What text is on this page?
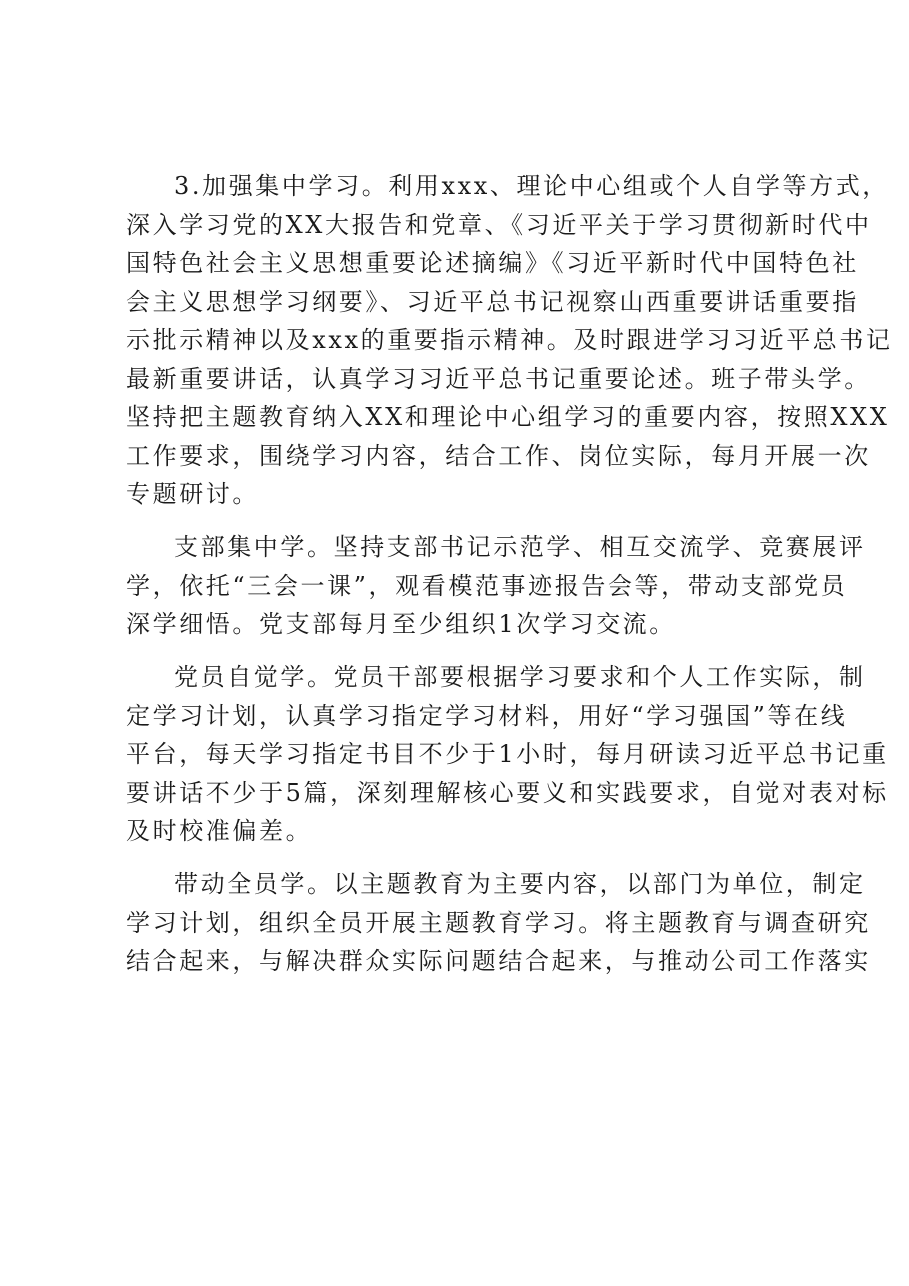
3.加强集中学习。利用xxx、理论中心组或个人自学等方式，
深入学习党的XX大报告和党章、《习近平关于学习贯彻新时代中
国特色社会主义思想重要论述摘编》《习近平新时代中国特色社
会主义思想学习纲要》、习近平总书记视察山西重要讲话重要指
示批示精神以及xxx的重要指示精神。及时跟进学习习近平总书记
最新重要讲话，认真学习习近平总书记重要论述。班子带头学。
坚持把主题教育纳入XX和理论中心组学习的重要内容，按照XXX
工作要求，围绕学习内容，结合工作、岗位实际，每月开展一次
专题研讨。
支部集中学。坚持支部书记示范学、相互交流学、竞赛展评
学，依托“三会一课”，观看模范事迹报告会等，带动支部党员
深学细悟。党支部每月至少组织1次学习交流。
党员自觉学。党员干部要根据学习要求和个人工作实际，制
定学习计划，认真学习指定学习材料，用好“学习强国”等在线
平台，每天学习指定书目不少于1小时，每月研读习近平总书记重
要讲话不少于5篇，深刻理解核心要义和实践要求，自觉对表对标
及时校准偏差。
带动全员学。以主题教育为主要内容，以部门为单位，制定
学习计划，组织全员开展主题教育学习。将主题教育与调查研究
结合起来，与解决群众实际问题结合起来，与推动公司工作落实
